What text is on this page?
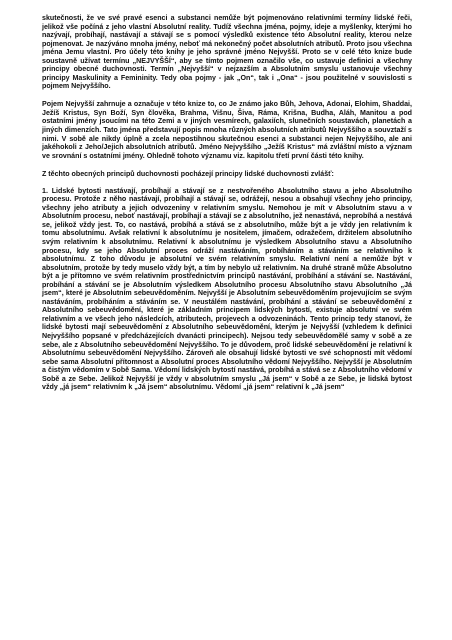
skutečnosti, že ve své pravé esenci a substanci nemůže být pojmenováno relativními termíny lidské řeči, jelikož vše počíná z jeho vlastní Absolutní reality. Tudíž všechna jména, pojmy, ideje a myšlenky, kterými ho nazývají, probíhají, nastávají a stávají se s pomocí výsledků existence této Absolutní reality, kterou nelze pojmenovat. Je nazýváno mnoha jmény, neboť má nekonečný počet absolutních atributů. Proto jsou všechna jména Jemu vlastní. Pro účely této knihy je jeho správné jméno Nejvyšší. Proto se v celé této knize bude soustavně užívat termínu „NEJVYŠŠÍ“, aby se tímto pojmem označilo vše, co ustavuje definici a všechny principy obecné duchovnosti. Termín „Nejvyšší“ v nejzazším a Absolutním smyslu ustanovuje všechny principy Maskulinity a Femininity. Tedy oba pojmy - jak „On“, tak i „Ona“ - jsou použitelné v souvislosti s pojmem Nejvyššího.

Pojem Nejvyšší zahrnuje a označuje v této knize to, co Je známo jako Bůh, Jehova, Adonai, Elohim, Shaddai, Ježíš Kristus, Syn Boží, Syn člověka, Brahma, Višnu, Šiva, Ráma, Krišna, Budha, Aláh, Manitou a pod ostatními jmény jsoucími na této Zemi a v jiných vesmírech, galaxiích, slunečních soustavách, planetách a jiných dimenzích. Tato jména představují popis mnoha různých absolutních atributů Nejvyššího a souvztaží s nimi. V sobě ale nikdy úplně a zcela nepostihnou skutečnou esenci a substanci nejen Nejvyššího, ale ani jakéhokoli z Jeho/Jejich absolutních atributů. Jméno Nejvyššího „Ježíš Kristus“ má zvláštní místo a význam ve srovnání s ostatními jmény. Ohledně tohoto významu viz. kapitolu třetí první části této knihy.

Z těchto obecných principů duchovnosti pocházejí principy lidské duchovnosti zvlášť:

1. Lidské bytosti nastávají, probíhají a stávají se z nestvořeného Absolutního stavu a jeho Absolutního procesu. Protože z něho nastávají, probíhají a stávají se, odrážejí, nesou a obsahují všechny jeho principy, všechny jeho atributy a jejich odvozeniny v relativním smyslu. Nemohou je mít v Absolutním stavu a v Absolutním procesu, neboť nastávají, probíhají a stávají se z absolutního, jež nenastává, neprobíhá a nestává se, jelikož vždy jest. To, co nastává, probíhá a stává se z absolutního, může být a je vždy jen relativním k tomu absolutnímu. Avšak relativní k absolutnímu je nositelem, jímačem, odražečem, držitelem absolutního svým relativním k absolutnímu. Relativní k absolutnímu je výsledkem Absolutního stavu a Absolutního procesu, kdy se jeho Absolutní proces odráží nastáváním, probíháním a stáváním se relativního k absolutnímu. Z toho důvodu je absolutní ve svém relativním smyslu. Relativní není a nemůže být v absolutním, protože by tedy muselo vždy být, a tím by nebylo už relativním. Na druhé straně může Absolutno být a je přítomno ve svém relativním prostřednictvím principů nastávání, probíhání a stávání se. Nastávání, probíhání a stávání se je Absolutním výsledkem Absolutního procesu Absolutního stavu Absolutního „Já jsem“, které je Absolutním sebeuvědoměním. Nejvyšší je Absolutním sebeuvědoměním projevujícím se svým nastáváním, probíháním a stáváním se. V neustálém nastávání, probíhání a stávání se sebeuvědomění z Absolutního sebeuvědomění, které je základním principem lidských bytostí, existuje absolutní ve svém relativním a ve všech jeho následcích, atributech, projevech a odvozeninách. Tento princip tedy stanoví, že lidské bytosti mají sebeuvědomění z Absolutního sebeuvědomění, kterým je Nejvyšší (vzhledem k definici Nejvyššího popsané v předcházejících dvanácti principech). Nejsou tedy sebeuvědomělé samy v sobě a ze sebe, ale z Absolutního sebeuvědomění Nejvyššího. To je důvodem, proč lidské sebeuvědomění je relativní k Absolutnímu sebeuvědomění Nejvyššího. Zároveň ale obsahují lidské bytosti ve své schopnosti mít vědomí sebe sama Absolutní přítomnost a Absolutní proces Absolutního vědomí Nejvyššího. Nejvyšší je Absolutním a čistým vědomím v Sobě Sama. Vědomí lidských bytostí nastává, probíhá a stává se z Absolutního vědomí v Sobě a ze Sebe. Jelikož Nejvyšší je vždy v absolutním smyslu „Já jsem“ v Sobě a ze Sebe, je lidská bytost vždy „já jsem“ relativním k „Já jsem“ absolutnímu. Vědomí „já jsem“ relativní k „Já jsem“
